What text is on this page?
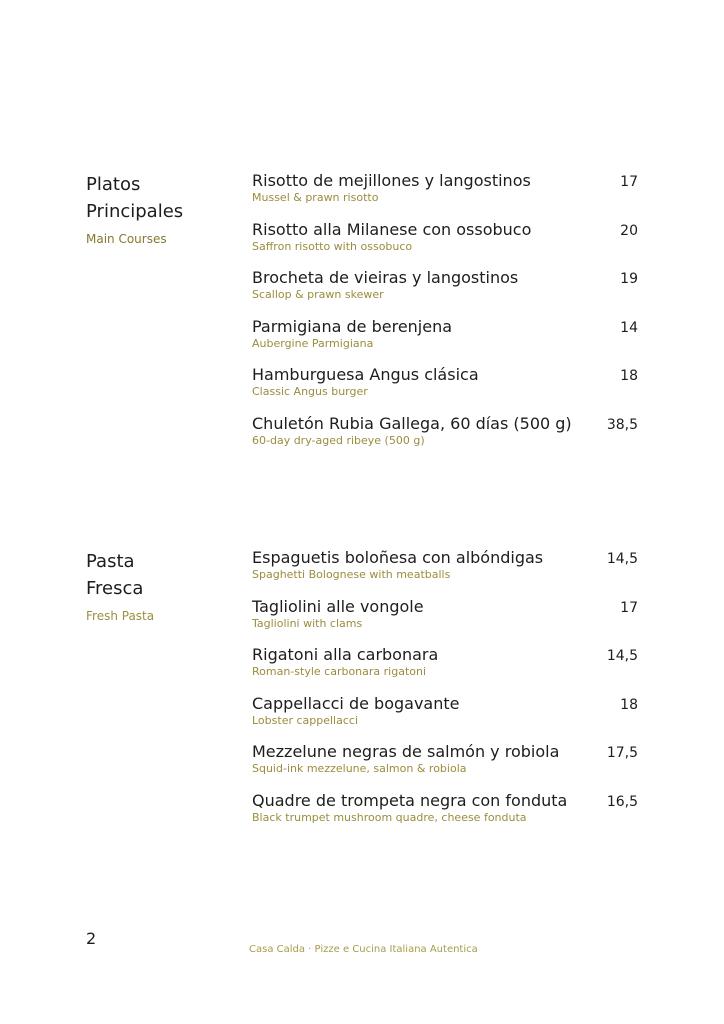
Platos
Principales
Main Courses
Risotto de mejillones y langostinos
Mussel & prawn risotto
17
Risotto alla Milanese con ossobuco
Saffron risotto with ossobuco
20
Brocheta de vieiras y langostinos
Scallop & prawn skewer
19
Parmigiana de berenjena
Aubergine Parmigiana
14
Hamburguesa Angus clásica
Classic Angus burger
18
Chuletón Rubia Gallega, 60 días (500 g)
60-day dry-aged ribeye (500 g)
38,5
Pasta
Fresca
Fresh Pasta
Espaguetis boloñesa con albóndigas
Spaghetti Bolognese with meatballs
14,5
Tagliolini alle vongole
Tagliolini with clams
17
Rigatoni alla carbonara
Roman-style carbonara rigatoni
14,5
Cappellacci de bogavante
Lobster cappellacci
18
Mezzelune negras de salmón y robiola
Squid-ink mezzelune, salmon & robiola
17,5
Quadre de trompeta negra con fonduta
Black trumpet mushroom quadre, cheese fonduta
16,5
2
Casa Calda · Pizze e Cucina Italiana Autentica
